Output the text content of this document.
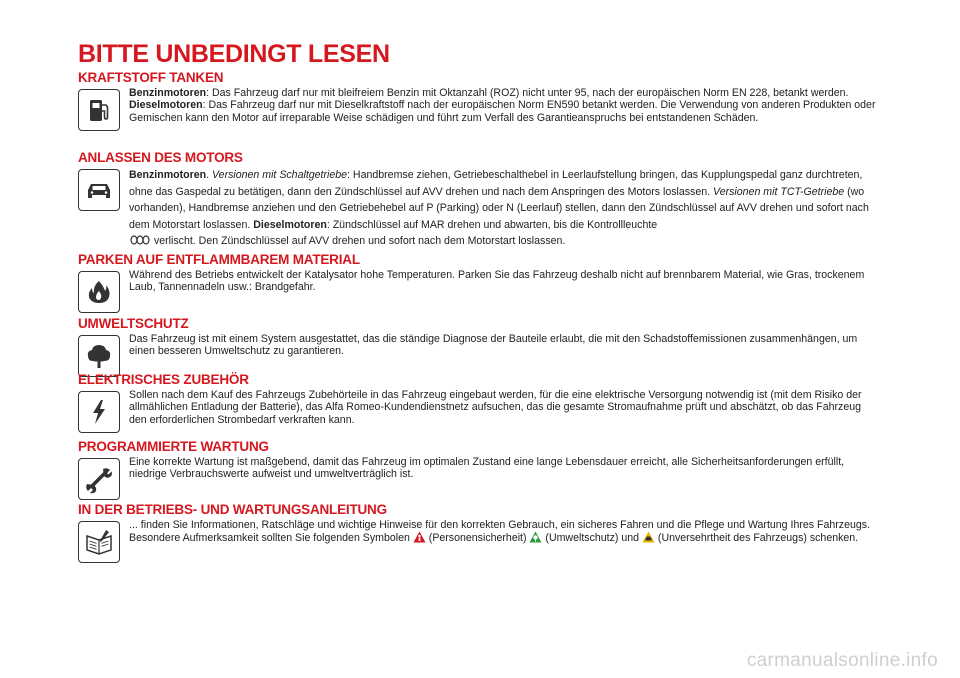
BITTE UNBEDINGT LESEN
KRAFTSTOFF TANKEN
Benzinmotoren: Das Fahrzeug darf nur mit bleifreiem Benzin mit Oktanzahl (ROZ) nicht unter 95, nach der europäischen Norm EN 228, betankt werden. Dieselmotoren: Das Fahrzeug darf nur mit Dieselkraftstoff nach der europäischen Norm EN590 betankt werden. Die Verwendung von anderen Produkten oder Gemischen kann den Motor auf irreparable Weise schädigen und führt zum Verfall des Garantieanspruchs bei entstandenen Schäden.
ANLASSEN DES MOTORS
Benzinmotoren. Versionen mit Schaltgetriebe: Handbremse ziehen, Getriebeschalthebel in Leerlaufstellung bringen, das Kupplungspedal ganz durchtreten, ohne das Gaspedal zu betätigen, dann den Zündschlüssel auf AVV drehen und nach dem Anspringen des Motors loslassen. Versionen mit TCT-Getriebe (wo vorhanden), Handbremse anziehen und den Getriebehebel auf P (Parking) oder N (Leerlauf) stellen, dann den Zündschlüssel auf AVV drehen und sofort nach dem Motorstart loslassen. Dieselmotoren: Zündschlüssel auf MAR drehen und abwarten, bis die Kontrollleuchte
verlischt. Den Zündschlüssel auf AVV drehen und sofort nach dem Motorstart loslassen.
PARKEN AUF ENTFLAMMBAREM MATERIAL
Während des Betriebs entwickelt der Katalysator hohe Temperaturen. Parken Sie das Fahrzeug deshalb nicht auf brennbarem Material, wie Gras, trockenem Laub, Tannennadeln usw.: Brandgefahr.
UMWELTSCHUTZ
Das Fahrzeug ist mit einem System ausgestattet, das die ständige Diagnose der Bauteile erlaubt, die mit den Schadstoffemissionen zusammenhängen, um einen besseren Umweltschutz zu garantieren.
ELEKTRISCHES ZUBEHÖR
Sollen nach dem Kauf des Fahrzeugs Zubehörteile in das Fahrzeug eingebaut werden, für die eine elektrische Versorgung notwendig ist (mit dem Risiko der allmählichen Entladung der Batterie), das Alfa Romeo-Kundendienstnetz aufsuchen, das die gesamte Stromaufnahme prüft und abschätzt, ob das Fahrzeug den erforderlichen Strombedarf verkraften kann.
PROGRAMMIERTE WARTUNG
Eine korrekte Wartung ist maßgebend, damit das Fahrzeug im optimalen Zustand eine lange Lebensdauer erreicht, alle Sicherheitsanforderungen erfüllt, niedrige Verbrauchswerte aufweist und umweltverträglich ist.
IN DER BETRIEBS- UND WARTUNGSANLEITUNG
... finden Sie Informationen, Ratschläge und wichtige Hinweise für den korrekten Gebrauch, ein sicheres Fahren und die Pflege und Wartung Ihres Fahrzeugs. Besondere Aufmerksamkeit sollten Sie folgenden Symbolen  (Personensicherheit)  (Umweltschutz) und  (Unversehrtheit des Fahrzeugs) schenken.
carmanualsonline.info
